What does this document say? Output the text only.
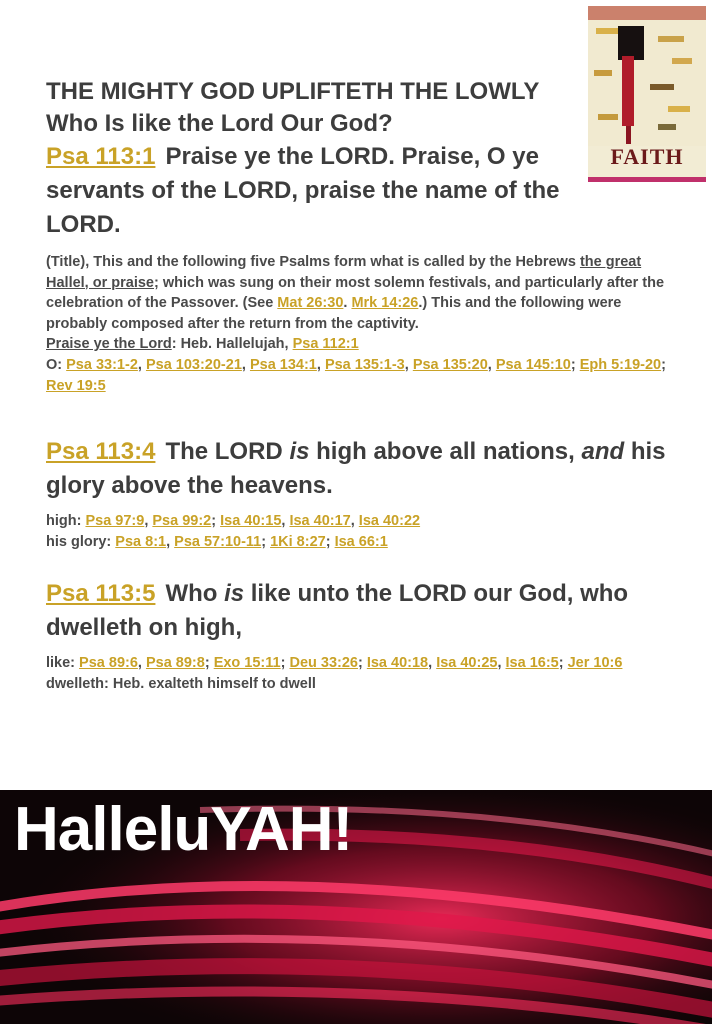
FAITH

THE MIGHTY GOD UPLIFTETH THE LOWLY

Who Is like the Lord Our God?

Psa 113:1 Praise ye the LORD. Praise, O ye servants of the LORD, praise the name of the LORD.

(Title), This and the following five Psalms form what is called by the Hebrews the great Hallel, or praise; which was sung on their most solemn festivals, and particularly after the celebration of the Passover. (See Mat 26:30. Mrk 14:26.) This and the following were probably composed after the return from the captivity.

Praise ye the Lord: Heb. Hallelujah, Psa 112:1

O: Psa 33:1-2, Psa 103:20-21, Psa 134:1, Psa 135:1-3, Psa 135:20, Psa 145:10; Eph 5:19-20; Rev 19:5

Psa 113:4 The LORD is high above all nations, and his glory above the heavens.

high: Psa 97:9, Psa 99:2; Isa 40:15, Isa 40:17, Isa 40:22

his glory: Psa 8:1, Psa 57:10-11; 1Ki 8:27; Isa 66:1

Psa 113:5 Who is like unto the LORD our God, who dwelleth on high,

like: Psa 89:6, Psa 89:8; Exo 15:11; Deu 33:26; Isa 40:18, Isa 40:25, Isa 16:5; Jer 10:6

dwelleth: Heb. exalteth himself to dwell

HalleluYAH!
